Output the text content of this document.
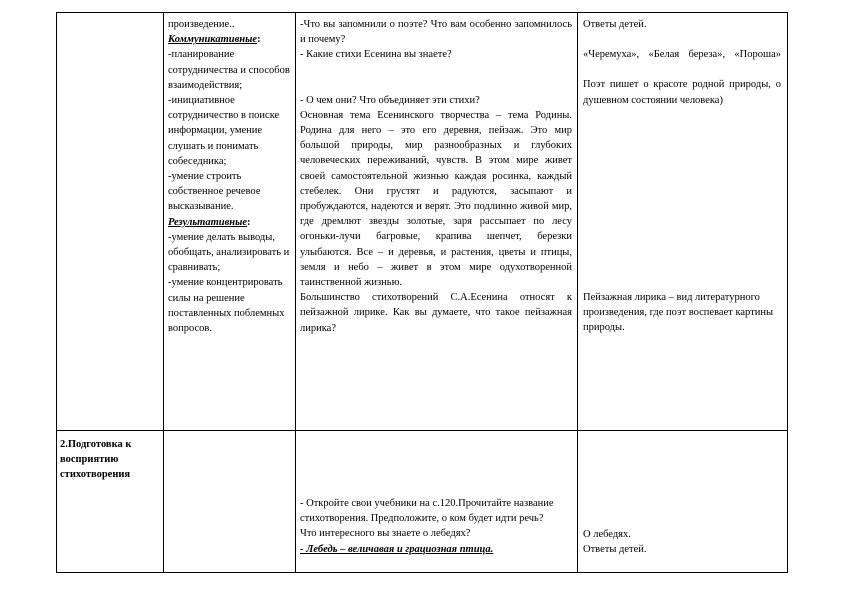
произведение..

Коммуникативные:

-планирование сотрудничества и способов взаимодействия;

-инициативное сотрудничество в поиске информации, умение слушать и понимать собеседника;

-умение строить собственное речевое высказывание.

Результативные:

-умение делать выводы, обобщать, анализировать и сравнивать;

-умение концентрировать силы на решение поставленных поблемных вопросов.

-Что вы запомнили о поэте? Что вам особенно запомнилось и почему?

- Какие стихи Есенина вы знаете?

- О чем они? Что объединяет эти стихи?

Основная тема Есенинского творчества – тема Родины. Родина для него – это его деревня, пейзаж. Это мир большой природы, мир разнообразных и глубоких человеческих переживаний, чувств. В этом мире живет своей самостоятельной жизнью каждая росинка, каждый стебелек. Они грустят и радуются, засыпают и пробуждаются, надеются и верят. Это подлинно живой мир, где дремлют звезды золотые, заря рассыпает по лесу огоньки-лучи багровые, крапива шепчет, березки улыбаются. Все – и деревья, и растения, цветы и птицы, земля и небо – живет в этом мире одухотворенной таинственной жизнью.

Большинство стихотворений С.А.Есенина относят к пейзажной лирике. Как вы думаете, что такое пейзажная лирика?

Ответы детей.

«Черемуха», «Белая береза», «Пороша»

Поэт пишет о красоте родной природы, о душевном состоянии человека)

Пейзажная лирика – вид литературного произведения, где поэт воспевает картины природы.

2.Подготовка к восприятию стихотворения

- Откройте свои учебники на с.120.Прочитайте название стихотворения. Предположите, о ком будет идти речь?

Что интересного вы знаете о лебедях?

- Лебедь – величавая и грациозная птица.

О лебедях.

Ответы детей.
